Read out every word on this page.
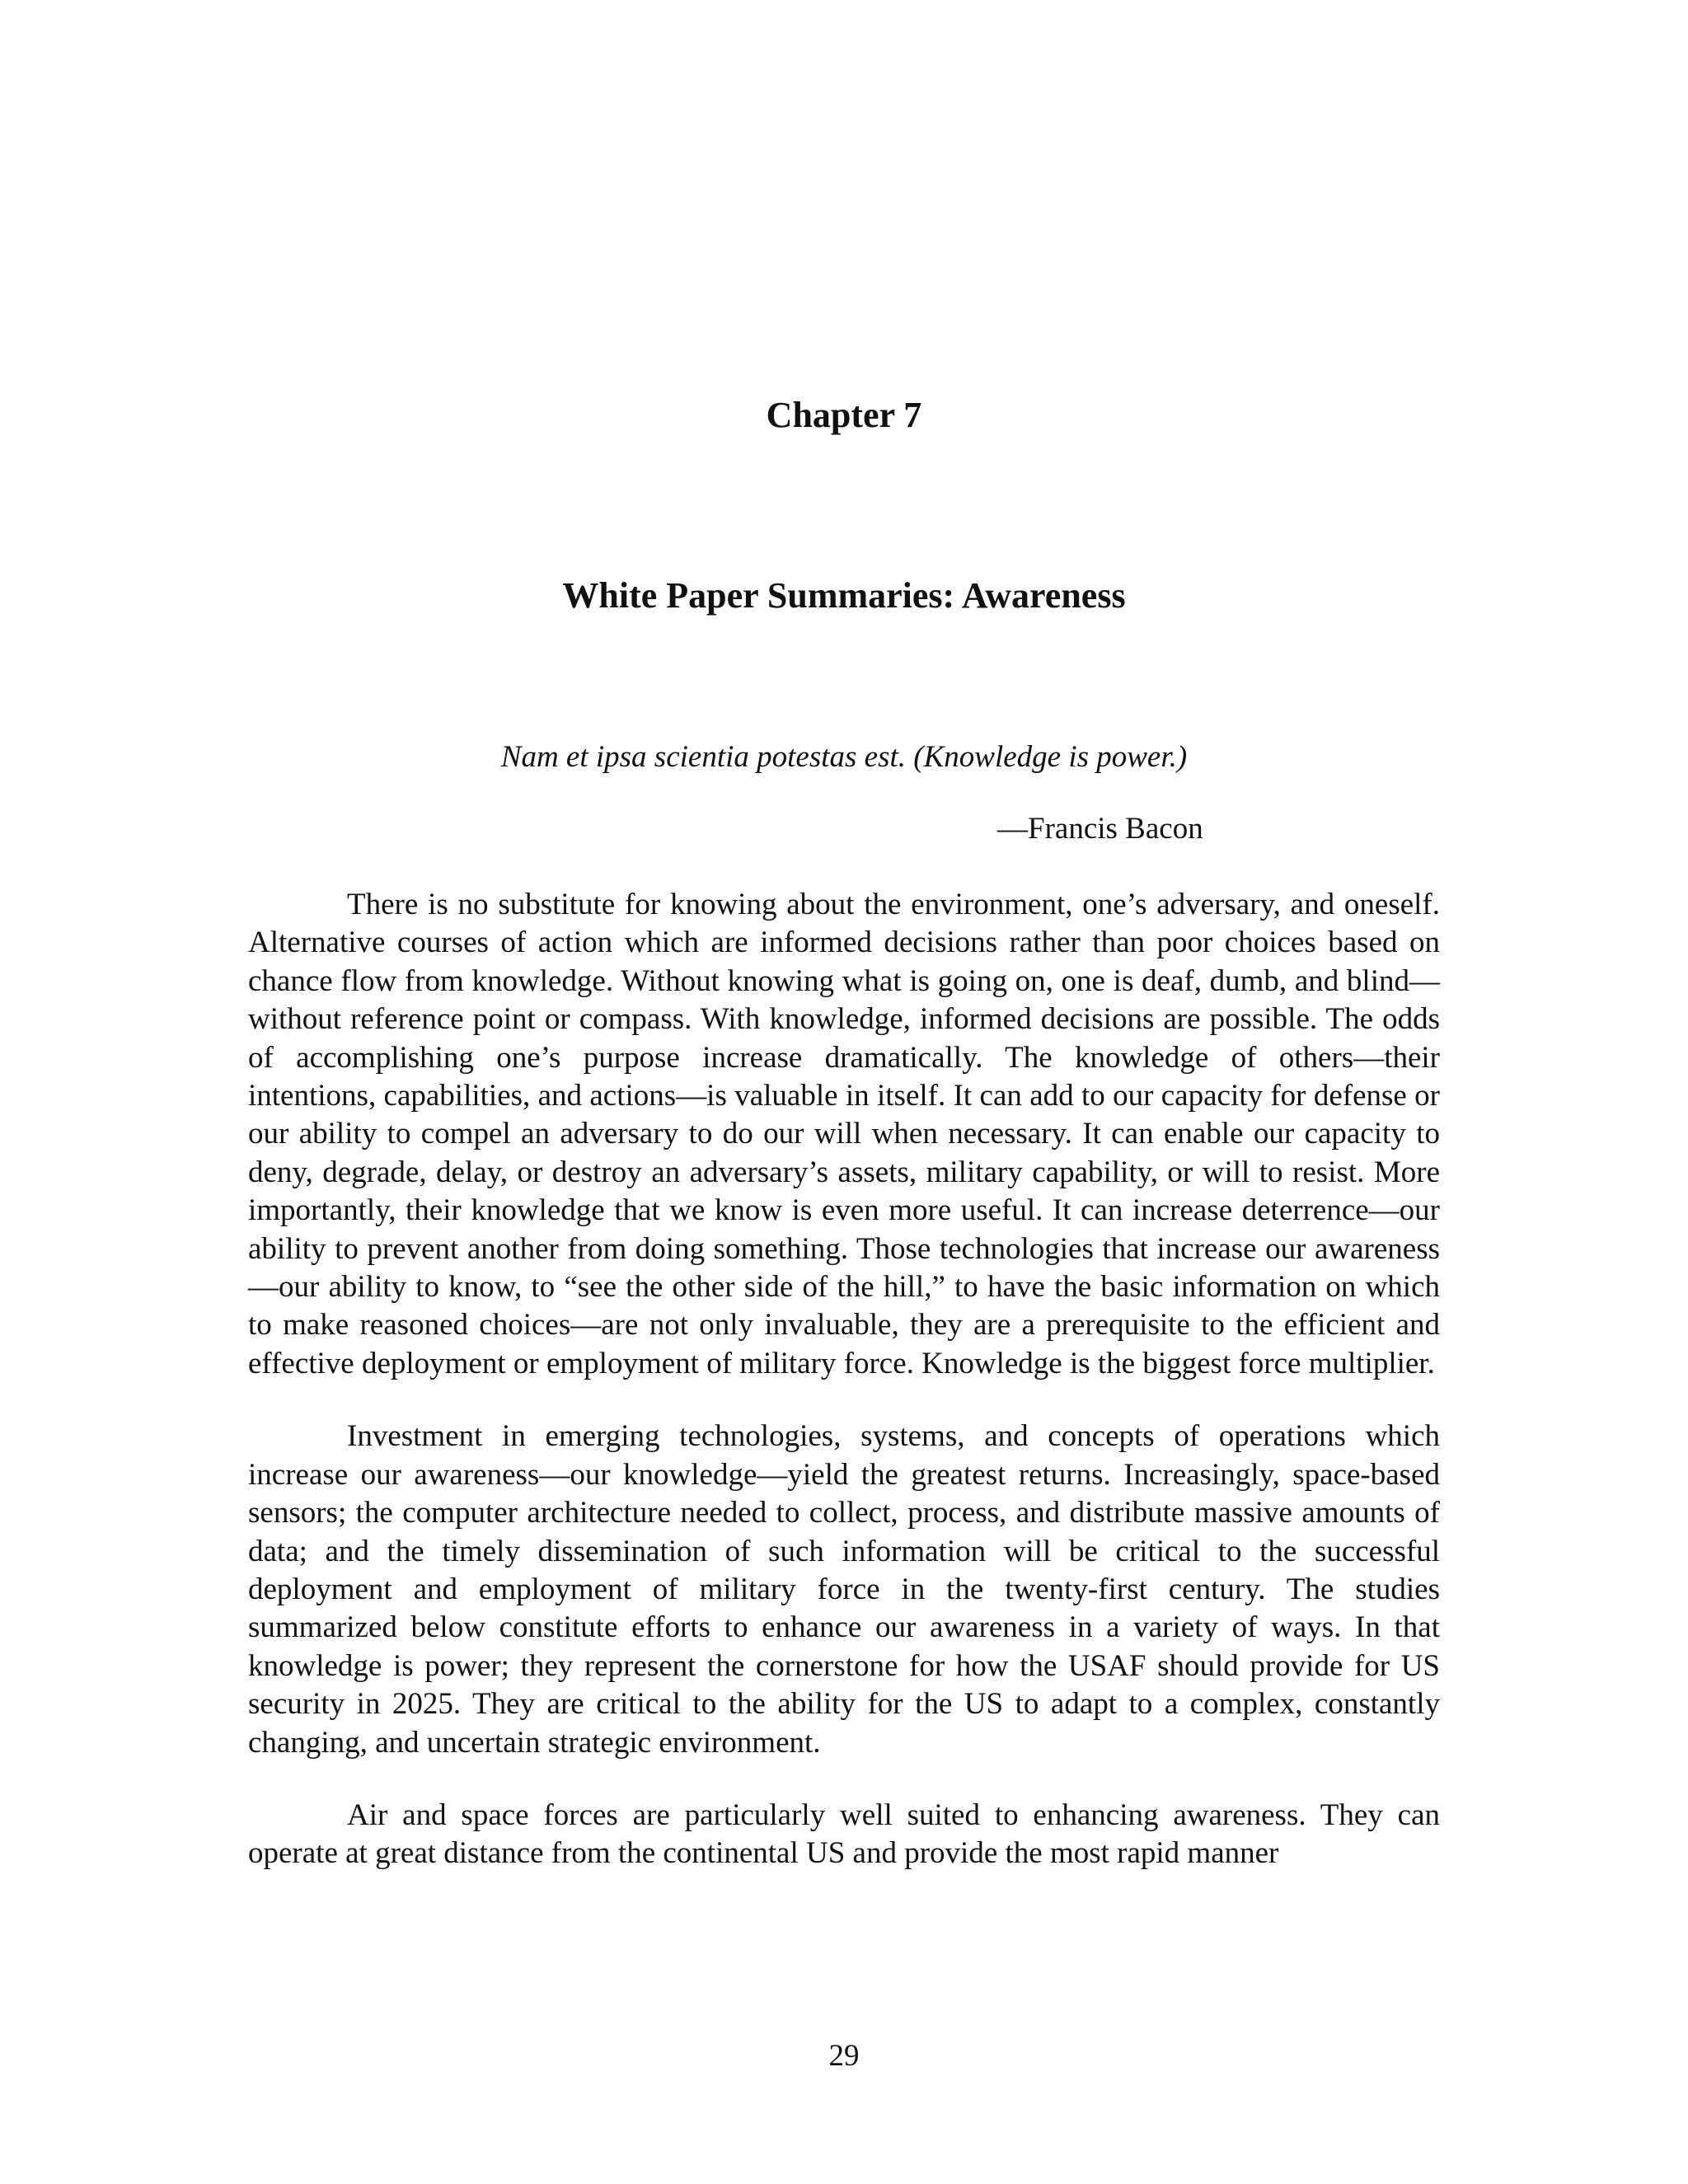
Chapter 7
White Paper Summaries: Awareness

Nam et ipsa scientia potestas est. (Knowledge is power.)

—Francis Bacon

There is no substitute for knowing about the environment, one’s adversary, and oneself. Alternative courses of action which are informed decisions rather than poor choices based on chance flow from knowledge. Without knowing what is going on, one is deaf, dumb, and blind—without reference point or compass. With knowledge, informed decisions are possible. The odds of accomplishing one’s purpose increase dramatically. The knowledge of others—their intentions, capabilities, and actions—is valuable in itself. It can add to our capacity for defense or our ability to compel an adversary to do our will when necessary. It can enable our capacity to deny, degrade, delay, or destroy an adversary’s assets, military capability, or will to resist. More importantly, their knowledge that we know is even more useful. It can increase deterrence—our ability to prevent another from doing something. Those technologies that increase our awareness—our ability to know, to “see the other side of the hill,” to have the basic information on which to make reasoned choices—are not only invaluable, they are a prerequisite to the efficient and effective deployment or employment of military force. Knowledge is the biggest force multiplier.

Investment in emerging technologies, systems, and concepts of operations which increase our awareness—our knowledge—yield the greatest returns. Increasingly, space-based sensors; the computer architecture needed to collect, process, and distribute massive amounts of data; and the timely dissemination of such information will be critical to the successful deployment and employment of military force in the twenty-first century. The studies summarized below constitute efforts to enhance our awareness in a variety of ways. In that knowledge is power; they represent the cornerstone for how the USAF should provide for US security in 2025. They are critical to the ability for the US to adapt to a complex, constantly changing, and uncertain strategic environment.

Air and space forces are particularly well suited to enhancing awareness. They can operate at great distance from the continental US and provide the most rapid manner

29
